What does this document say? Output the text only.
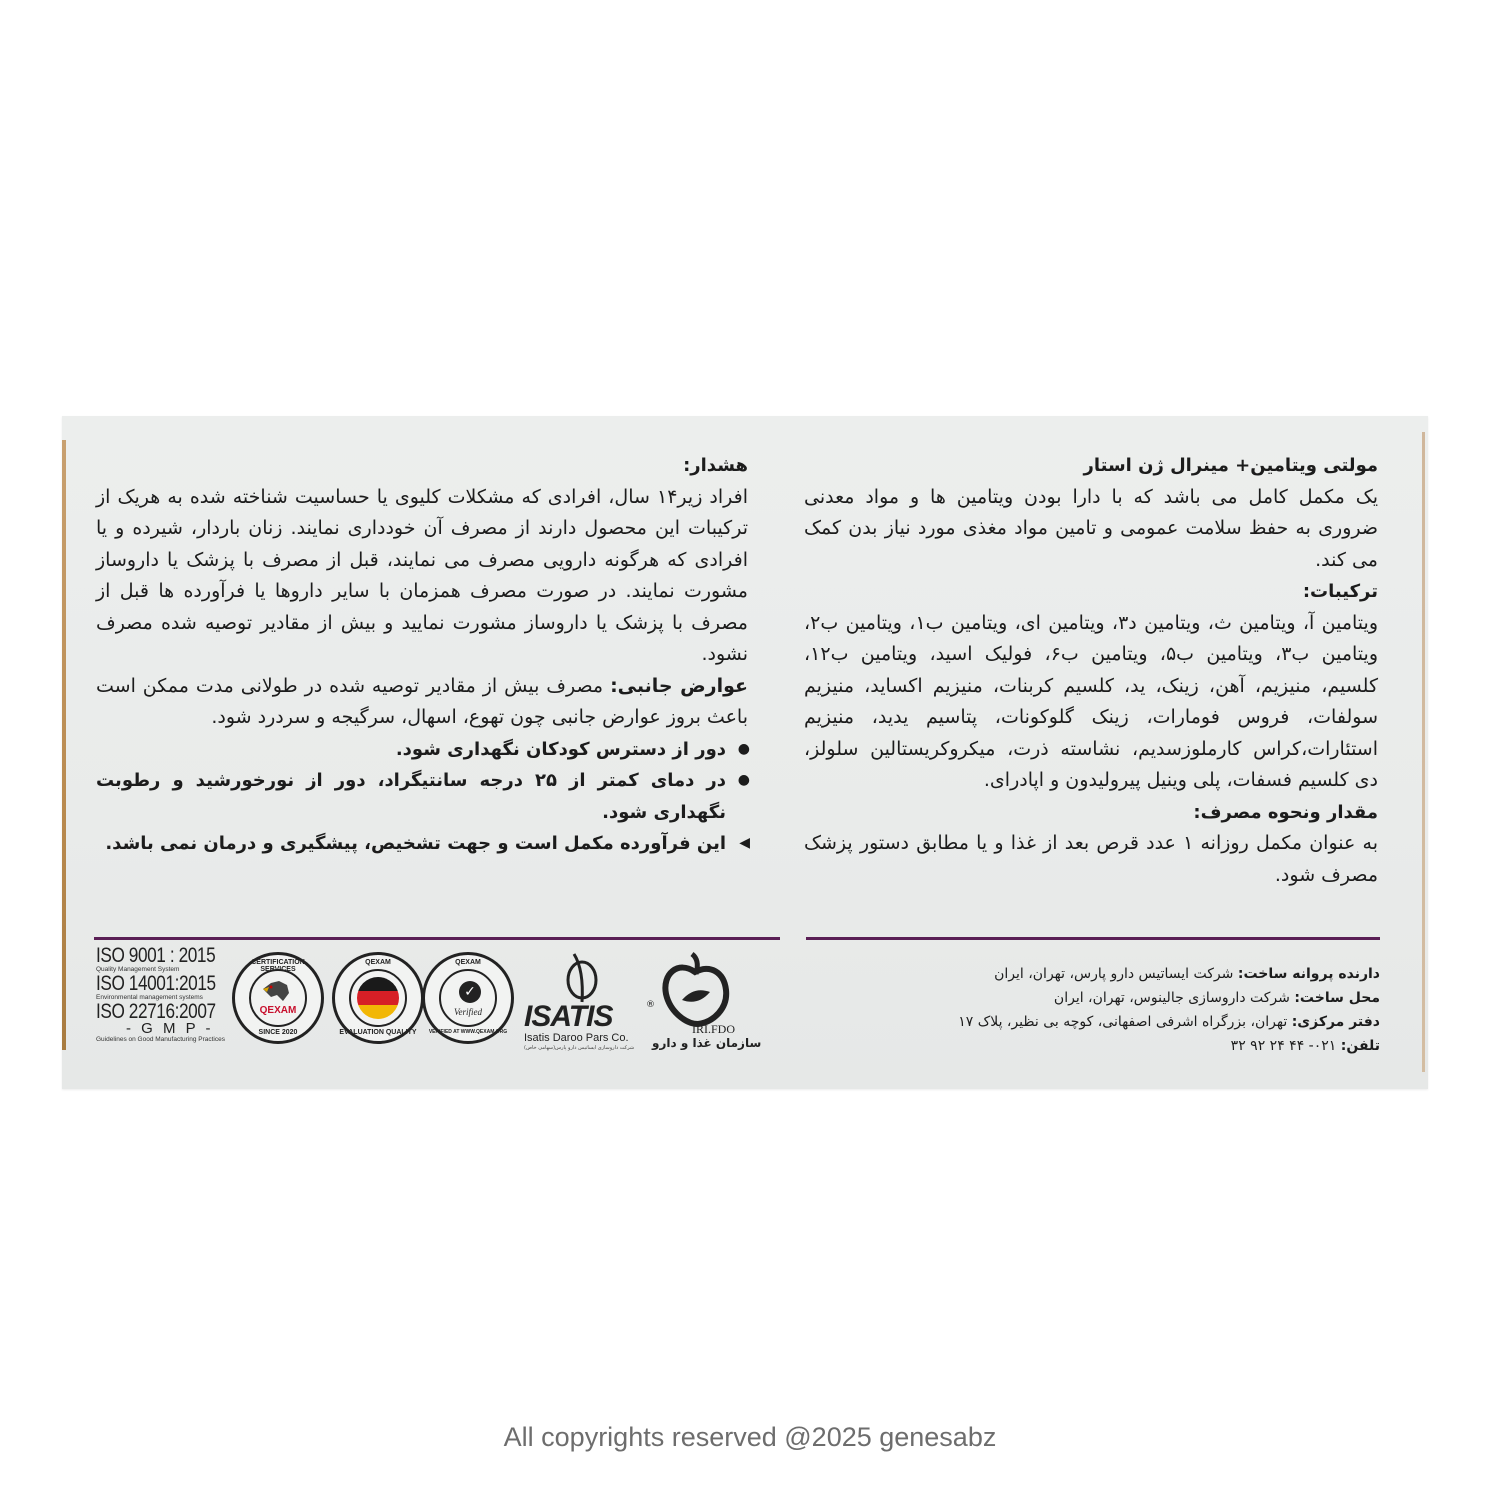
مولتی ویتامین+ مینرال ژن استار
یک مکمل کامل می باشد که با دارا بودن ویتامین ها و مواد معدنی ضروری به حفظ سلامت عمومی و تامین مواد مغذی مورد نیاز بدن کمک می کند.
ترکیبات:
ویتامین آ، ویتامین ث، ویتامین د۳، ویتامین ای، ویتامین ب۱، ویتامین ب۲، ویتامین ب۳، ویتامین ب۵، ویتامین ب۶، فولیک اسید، ویتامین ب۱۲، کلسیم، منیزیم، آهن، زینک، ید، کلسیم کربنات، منیزیم اکساید، منیزیم سولفات، فروس فومارات، زینک گلوکونات، پتاسیم یدید، منیزیم استئارات،کراس کارملوزسدیم، نشاسته ذرت، میکروکریستالین سلولز، دی کلسیم فسفات، پلی وینیل پیرولیدون و اپادرای.
مقدار ونحوه مصرف:
به عنوان مکمل روزانه ۱ عدد قرص بعد از غذا و یا مطابق دستور پزشک مصرف شود.
هشدار:
افراد زیر۱۴ سال، افرادی که مشکلات کلیوی یا حساسیت شناخته شده به هریک از ترکیبات این محصول دارند از مصرف آن خودداری نمایند. زنان باردار، شیرده و یا افرادی که هرگونه دارویی مصرف می نمایند، قبل از مصرف با پزشک یا داروساز مشورت نمایند. در صورت مصرف همزمان با سایر داروها یا فرآورده ها قبل از مصرف با پزشک یا داروساز مشورت نمایید و بیش از مقادیر توصیه شده مصرف نشود.
عوارض جانبی: مصرف بیش از مقادیر توصیه شده در طولانی مدت ممکن است باعث بروز عوارض جانبی چون تهوع، اسهال، سرگیجه و سردرد شود.
●
دور از دسترس کودکان نگهداری شود.
●
در دمای کمتر از ۲۵ درجه سانتیگراد، دور از نورخورشید و رطوبت نگهداری شود.
◀
این فرآورده مکمل است و جهت تشخیص، پیشگیری و درمان نمی باشد.
دارنده پروانه ساخت: شرکت ایساتیس دارو پارس، تهران، ایران
محل ساخت: شرکت داروسازی جالینوس، تهران، ایران
دفتر مرکزی: تهران، بزرگراه اشرفی اصفهانی، کوچه بی نظیر، پلاک ۱۷
تلفن: ۰۲۱- ۴۴ ۲۴ ۹۲ ۳۲
ISO 9001 : 2015
Quality Management System
ISO 14001:2015
Environmental management systems
ISO 22716:2007
- G M P -
Guidelines on Good Manufacturing Practices
CERTIFICATION SERVICES
QEXAM
SINCE 2020
QEXAM
EVALUATION QUALITY
QEXAM
✓
Verified
VERIFIED AT WWW.QEXAM.ORG ISATIS	®
Isatis Daroo Pars Co.
شرکت داروسازی ایساتیس دارو پارس(سهامی خاص)
IRI.FDO
سازمان غذا و دارو
All copyrights reserved @2025 genesabz
